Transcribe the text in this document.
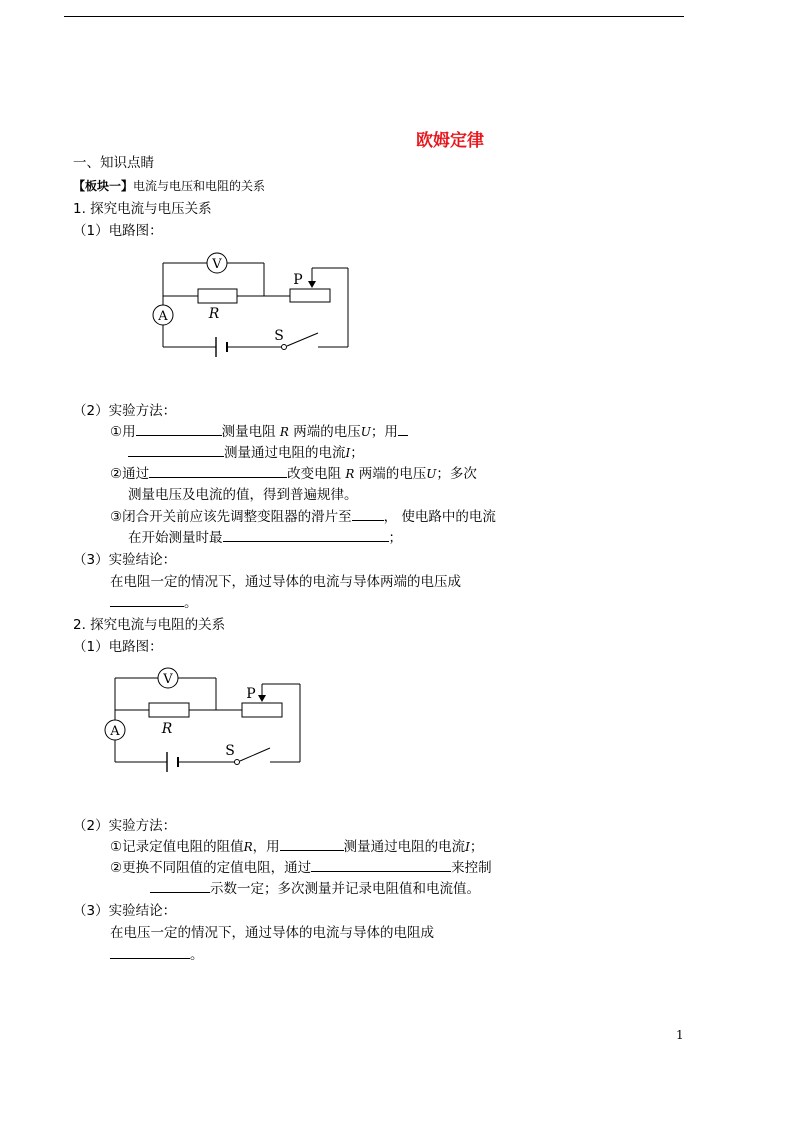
欧姆定律
一、知识点睛
【板块一】电流与电压和电阻的关系
1. 探究电流与电压关系
（1）电路图：
V
A	R
P
S
（2）实验方法：
①用	测量电阻 R 两端的电压U；用
测量通过电阻的电流I；
②通过	改变电阻 R 两端的电压U；多次
测量电压及电流的值，得到普遍规律。
③闭合开关前应该先调整变阻器的滑片至 ， 使电路中的电流
在开始测量时最	；
（3）实验结论：
在电阻一定的情况下，通过导体的电流与导体两端的电压成
。
2. 探究电流与电阻的关系
（1）电路图：
V
A	R
P
S
（2）实验方法：
①记录定值电阻的阻值R，用	测量通过电阻的电流I；
②更换不同阻值的定值电阻，通过	来控制
示数一定；多次测量并记录电阻值和电流值。
（3）实验结论：
在电压一定的情况下，通过导体的电流与导体的电阻成
。
1
